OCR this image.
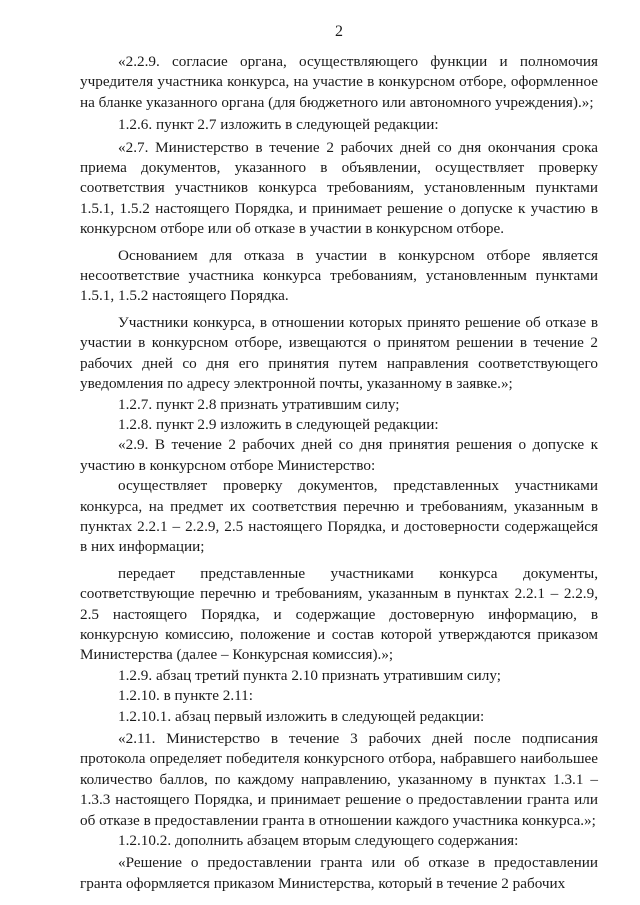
2

«2.2.9. согласие органа, осуществляющего функции и полномочия учредителя участника конкурса, на участие в конкурсном отборе, оформленное на бланке указанного органа (для бюджетного или автономного учреждения).»;

1.2.6. пункт 2.7 изложить в следующей редакции:

«2.7. Министерство в течение 2 рабочих дней со дня окончания срока приема документов, указанного в объявлении, осуществляет проверку соответствия участников конкурса требованиям, установленным пунктами 1.5.1, 1.5.2 настоящего Порядка, и принимает решение о допуске к участию в конкурсном отборе или об отказе в участии в конкурсном отборе.

Основанием для отказа в участии в конкурсном отборе является несоответствие участника конкурса требованиям, установленным пунктами 1.5.1, 1.5.2 настоящего Порядка.

Участники конкурса, в отношении которых принято решение об отказе в участии в конкурсном отборе, извещаются о принятом решении в течение 2 рабочих дней со дня его принятия путем направления соответствующего уведомления по адресу электронной почты, указанному в заявке.»;

1.2.7. пункт 2.8 признать утратившим силу;

1.2.8. пункт 2.9 изложить в следующей редакции:

«2.9. В течение 2 рабочих дней со дня принятия решения о допуске к участию в конкурсном отборе Министерство:

осуществляет проверку документов, представленных участниками конкурса, на предмет их соответствия перечню и требованиям, указанным в пунктах 2.2.1 – 2.2.9, 2.5 настоящего Порядка, и достоверности содержащейся в них информации;

передает представленные участниками конкурса документы, соответствующие перечню и требованиям, указанным в пунктах 2.2.1 – 2.2.9, 2.5 настоящего Порядка, и содержащие достоверную информацию, в конкурсную комиссию, положение и состав которой утверждаются приказом Министерства (далее – Конкурсная комиссия).»;

1.2.9. абзац третий пункта 2.10 признать утратившим силу;

1.2.10. в пункте 2.11:

1.2.10.1. абзац первый изложить в следующей редакции:

«2.11. Министерство в течение 3 рабочих дней после подписания протокола определяет победителя конкурсного отбора, набравшего наибольшее количество баллов, по каждому направлению, указанному в пунктах 1.3.1 – 1.3.3 настоящего Порядка, и принимает решение о предоставлении гранта или об отказе в предоставлении гранта в отношении каждого участника конкурса.»;

1.2.10.2. дополнить абзацем вторым следующего содержания:

«Решение о предоставлении гранта или об отказе в предоставлении гранта оформляется приказом Министерства, который в течение 2 рабочих
